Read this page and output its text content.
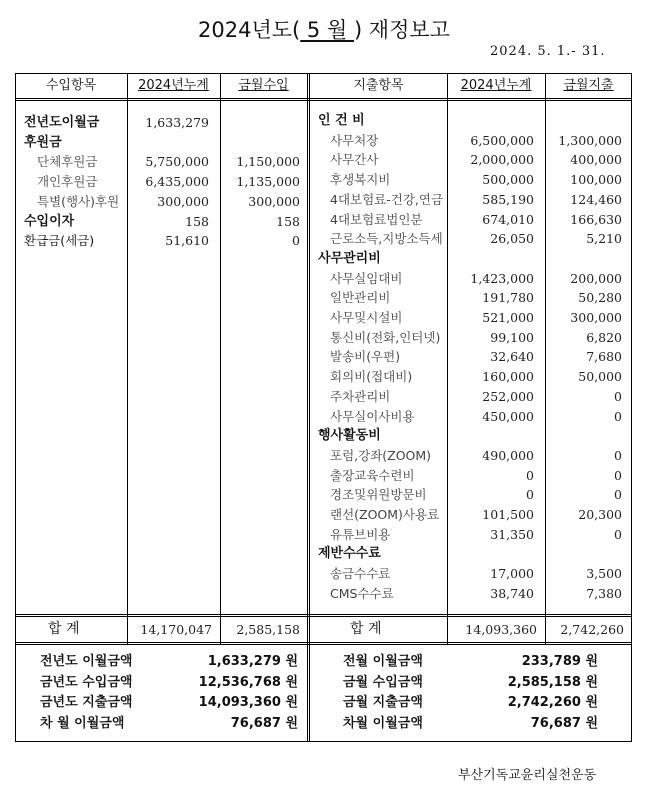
2024년도( 5 월 ) 재정보고
2024. 5. 1.- 31.
수입항목	2024년누계	금월수입	지출항목	2024년누계	금월지출
전년도이월금	1,633,279
후원금
단체후원금	5,750,000	1,150,000
개인후원금	6,435,000	1,135,000
특별(행사)후원	300,000	300,000
수입이자	158	158
환급금(세금)	51,610	0
인 건 비
사무처장	6,500,000	1,300,000
사무간사	2,000,000	400,000
후생복지비	500,000	100,000
4대보험료-건강,연금	585,190	124,460
4대보험료법인분	674,010	166,630
근로소득,지방소득세	26,050	5,210
사무관리비
사무실임대비	1,423,000	200,000
일반관리비	191,780	50,280
사무및시설비	521,000	300,000
통신비(전화,인터넷)	99,100	6,820
발송비(우편)	32,640	7,680
회의비(접대비)	160,000	50,000
주차관리비	252,000	0
사무실이사비용	450,000	0
행사활동비
포럼,강좌(ZOOM)	490,000	0
출장교육수련비	0	0
경조및위원방문비	0	0
랜선(ZOOM)사용료	101,500	20,300
유튜브비용	31,350	0
제반수수료
송금수수료	17,000	3,500
CMS수수료	38,740	7,380
합 계	14,170,047	2,585,158	합 계	14,093,360	2,742,260
전년도 이월금액	1,633,279 원
금년도 수입금액	12,536,768 원
금년도 지출금액	14,093,360 원
차 월 이월금액	76,687 원
전월 이월금액	233,789 원
금월 수입금액	2,585,158 원
금월 지출금액	2,742,260 원
차월 이월금액	76,687 원
부산기독교윤리실천운동
